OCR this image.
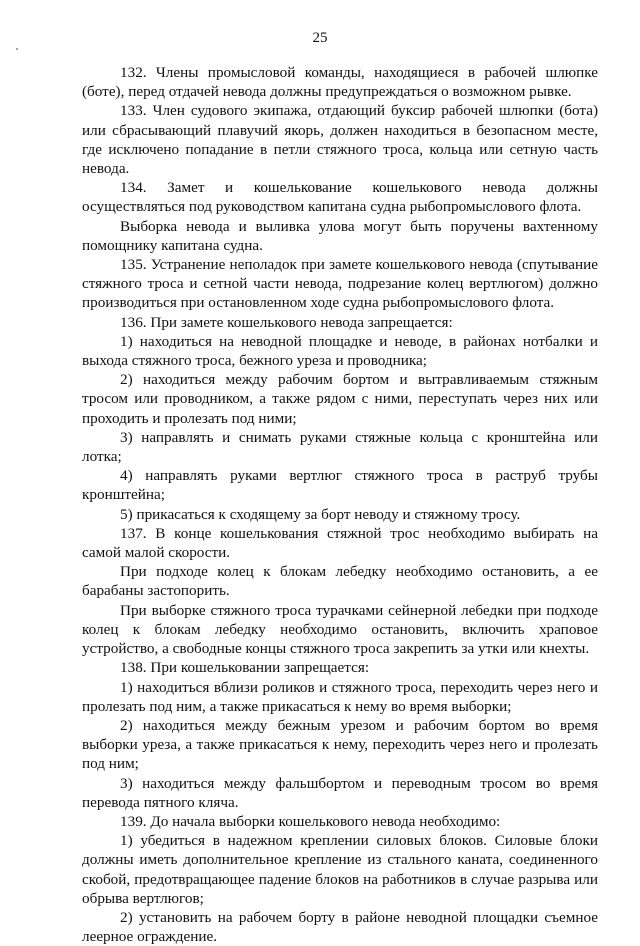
25

132. Члены промысловой команды, находящиеся в рабочей шлюпке (боте), перед отдачей невода должны предупреждаться о возможном рывке.

133. Член судового экипажа, отдающий буксир рабочей шлюпки (бота) или сбрасывающий плавучий якорь, должен находиться в безопасном месте, где исключено попадание в петли стяжного троса, кольца или сетную часть невода.

134. Замет и кошелькование кошелькового невода должны осуществляться под руководством капитана судна рыбопромыслового флота.

Выборка невода и выливка улова могут быть поручены вахтенному помощнику капитана судна.

135. Устранение неполадок при замете кошелькового невода (спутывание стяжного троса и сетной части невода, подрезание колец вертлюгом) должно производиться при остановленном ходе судна рыбопромыслового флота.

136. При замете кошелькового невода запрещается:

1) находиться на неводной площадке и неводе, в районах нотбалки и выхода стяжного троса, бежного уреза и проводника;

2) находиться между рабочим бортом и вытравливаемым стяжным тросом или проводником, а также рядом с ними, переступать через них или проходить и пролезать под ними;

3) направлять и снимать руками стяжные кольца с кронштейна или лотка;

4) направлять руками вертлюг стяжного троса в раструб трубы кронштейна;

5) прикасаться к сходящему за борт неводу и стяжному тросу.

137. В конце кошелькования стяжной трос необходимо выбирать на самой малой скорости.

При подходе колец к блокам лебедку необходимо остановить, а ее барабаны застопорить.

При выборке стяжного троса турачками сейнерной лебедки при подходе колец к блокам лебедку необходимо остановить, включить храповое устройство, а свободные концы стяжного троса закрепить за утки или кнехты.

138. При кошельковании запрещается:

1) находиться вблизи роликов и стяжного троса, переходить через него и пролезать под ним, а также прикасаться к нему во время выборки;

2) находиться между бежным урезом и рабочим бортом во время выборки уреза, а также прикасаться к нему, переходить через него и пролезать под ним;

3) находиться между фальшбортом и переводным тросом во время перевода пятного кляча.

139. До начала выборки кошелькового невода необходимо:

1) убедиться в надежном креплении силовых блоков. Силовые блоки должны иметь дополнительное крепление из стального каната, соединенного скобой, предотвращающее падение блоков на работников в случае разрыва или обрыва вертлюгов;

2) установить на рабочем борту в районе неводной площадки съемное леерное ограждение.
